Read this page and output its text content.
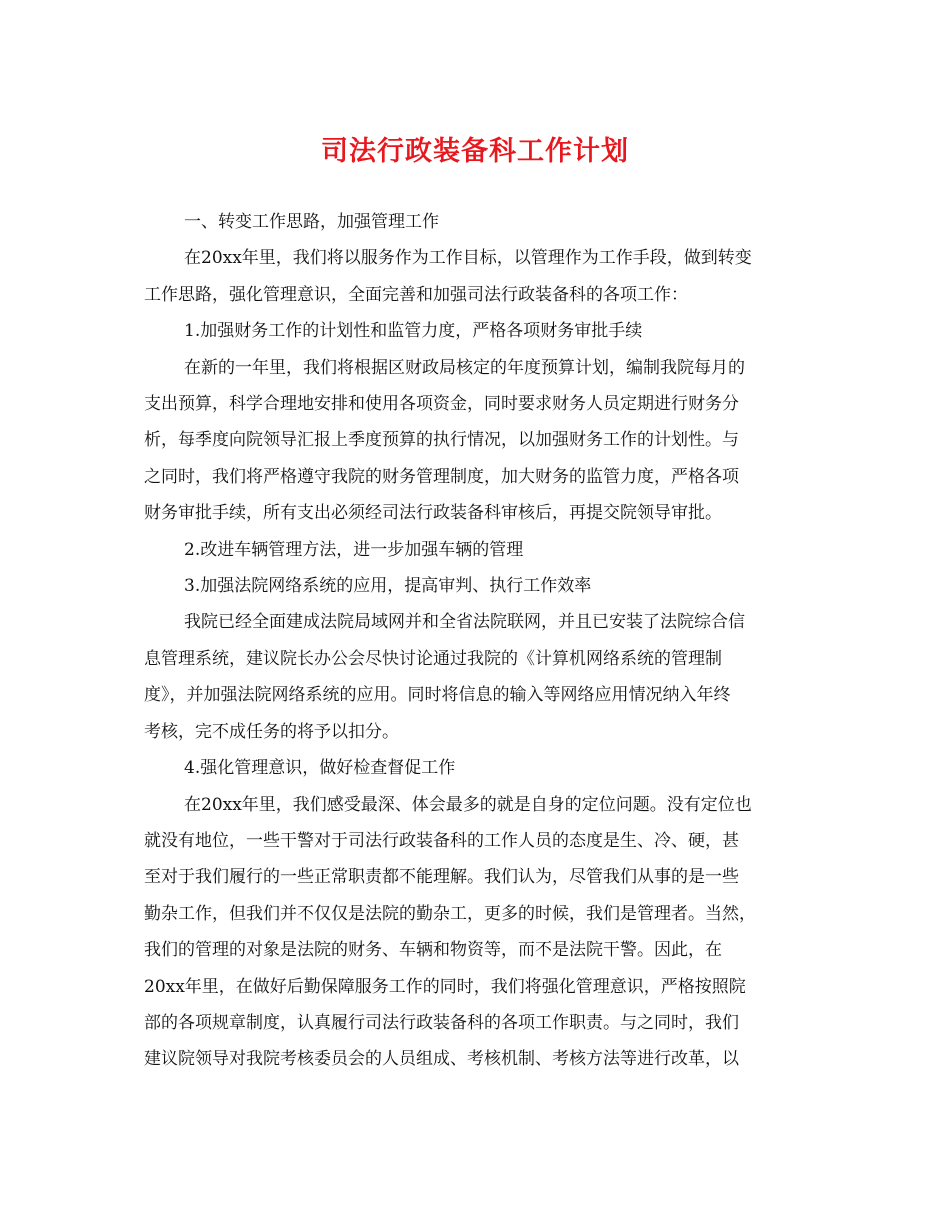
司法行政装备科工作计划
一、转变工作思路，加强管理工作
在20xx年里，我们将以服务作为工作目标，以管理作为工作手段，做到转变
工作思路，强化管理意识，全面完善和加强司法行政装备科的各项工作：
1.加强财务工作的计划性和监管力度，严格各项财务审批手续
在新的一年里，我们将根据区财政局核定的年度预算计划，编制我院每月的
支出预算，科学合理地安排和使用各项资金，同时要求财务人员定期进行财务分
析，每季度向院领导汇报上季度预算的执行情况，以加强财务工作的计划性。与
之同时，我们将严格遵守我院的财务管理制度，加大财务的监管力度，严格各项
财务审批手续，所有支出必须经司法行政装备科审核后，再提交院领导审批。
2.改进车辆管理方法，进一步加强车辆的管理
3.加强法院网络系统的应用，提高审判、执行工作效率
我院已经全面建成法院局域网并和全省法院联网，并且已安装了法院综合信
息管理系统，建议院长办公会尽快讨论通过我院的《计算机网络系统的管理制
度》，并加强法院网络系统的应用。同时将信息的输入等网络应用情况纳入年终
考核，完不成任务的将予以扣分。
4.强化管理意识，做好检查督促工作
在20xx年里，我们感受最深、体会最多的就是自身的定位问题。没有定位也
就没有地位，一些干警对于司法行政装备科的工作人员的态度是生、冷、硬，甚
至对于我们履行的一些正常职责都不能理解。我们认为，尽管我们从事的是一些
勤杂工作，但我们并不仅仅是法院的勤杂工，更多的时候，我们是管理者。当然，
我们的管理的对象是法院的财务、车辆和物资等，而不是法院干警。因此，在
20xx年里，在做好后勤保障服务工作的同时，我们将强化管理意识，严格按照院
部的各项规章制度，认真履行司法行政装备科的各项工作职责。与之同时，我们
建议院领导对我院考核委员会的人员组成、考核机制、考核方法等进行改革，以
